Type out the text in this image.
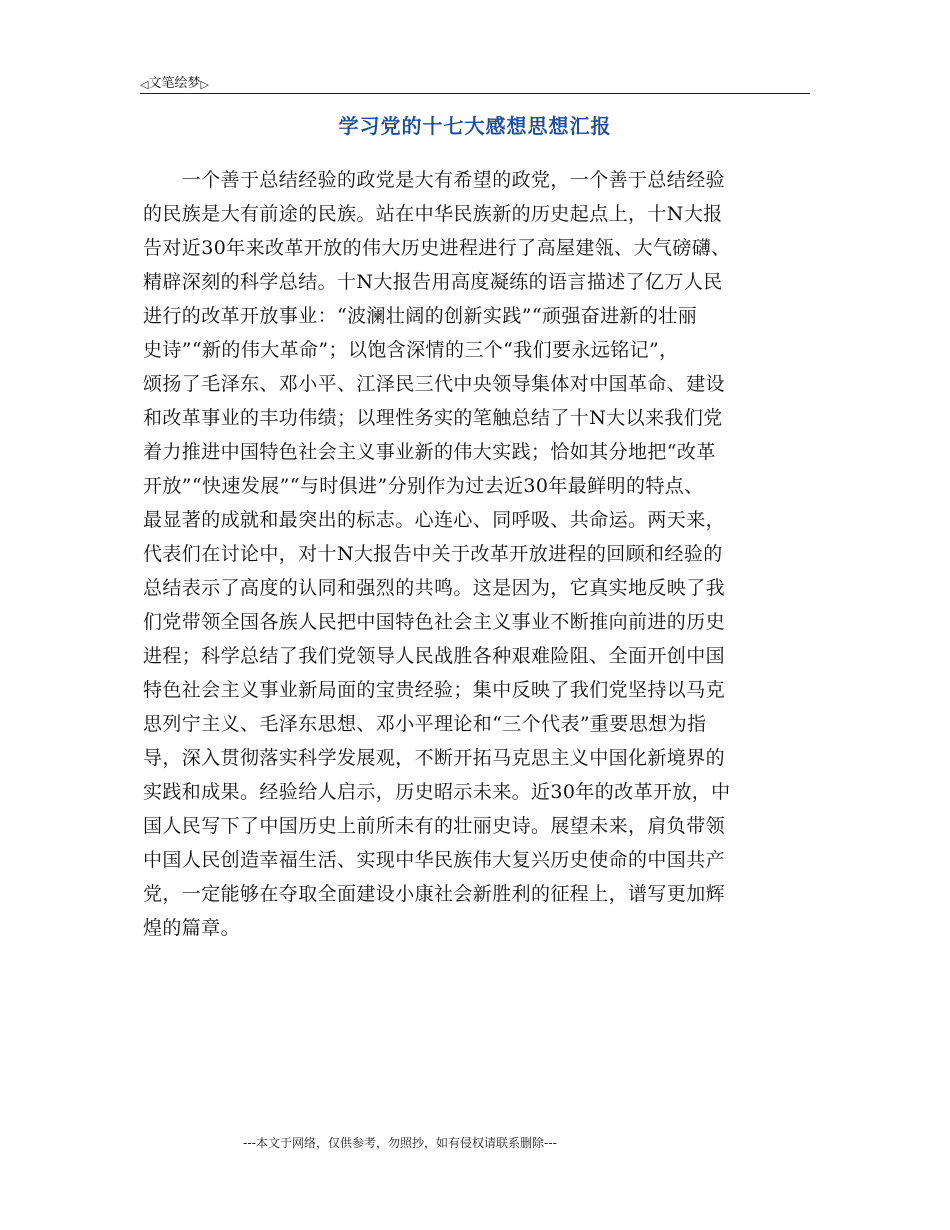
◁ 文笔绘梦 ▷
学习党的十七大感想思想汇报
　　一个善于总结经验的政党是大有希望的政党，一个善于总结经验
的民族是大有前途的民族。站在中华民族新的历史起点上，十N大报
告对近30年来改革开放的伟大历史进程进行了高屋建瓴、大气磅礴、
精辟深刻的科学总结。十N大报告用高度凝练的语言描述了亿万人民
进行的改革开放事业：“波澜壮阔的创新实践”“顽强奋进新的壮丽
史诗”“新的伟大革命”；以饱含深情的三个“我们要永远铭记”，
颂扬了毛泽东、邓小平、江泽民三代中央领导集体对中国革命、建设
和改革事业的丰功伟绩；以理性务实的笔触总结了十N大以来我们党
着力推进中国特色社会主义事业新的伟大实践；恰如其分地把“改革
开放”“快速发展”“与时俱进”分别作为过去近30年最鲜明的特点、
最显著的成就和最突出的标志。心连心、同呼吸、共命运。两天来，
代表们在讨论中，对十N大报告中关于改革开放进程的回顾和经验的
总结表示了高度的认同和强烈的共鸣。这是因为，它真实地反映了我
们党带领全国各族人民把中国特色社会主义事业不断推向前进的历史
进程；科学总结了我们党领导人民战胜各种艰难险阻、全面开创中国
特色社会主义事业新局面的宝贵经验；集中反映了我们党坚持以马克
思列宁主义、毛泽东思想、邓小平理论和“三个代表”重要思想为指
导，深入贯彻落实科学发展观，不断开拓马克思主义中国化新境界的
实践和成果。经验给人启示，历史昭示未来。近30年的改革开放，中
国人民写下了中国历史上前所未有的壮丽史诗。展望未来，肩负带领
中国人民创造幸福生活、实现中华民族伟大复兴历史使命的中国共产
党，一定能够在夺取全面建设小康社会新胜利的征程上，谱写更加辉
煌的篇章。
---本文于网络，仅供参考，勿照抄，如有侵权请联系删除---
